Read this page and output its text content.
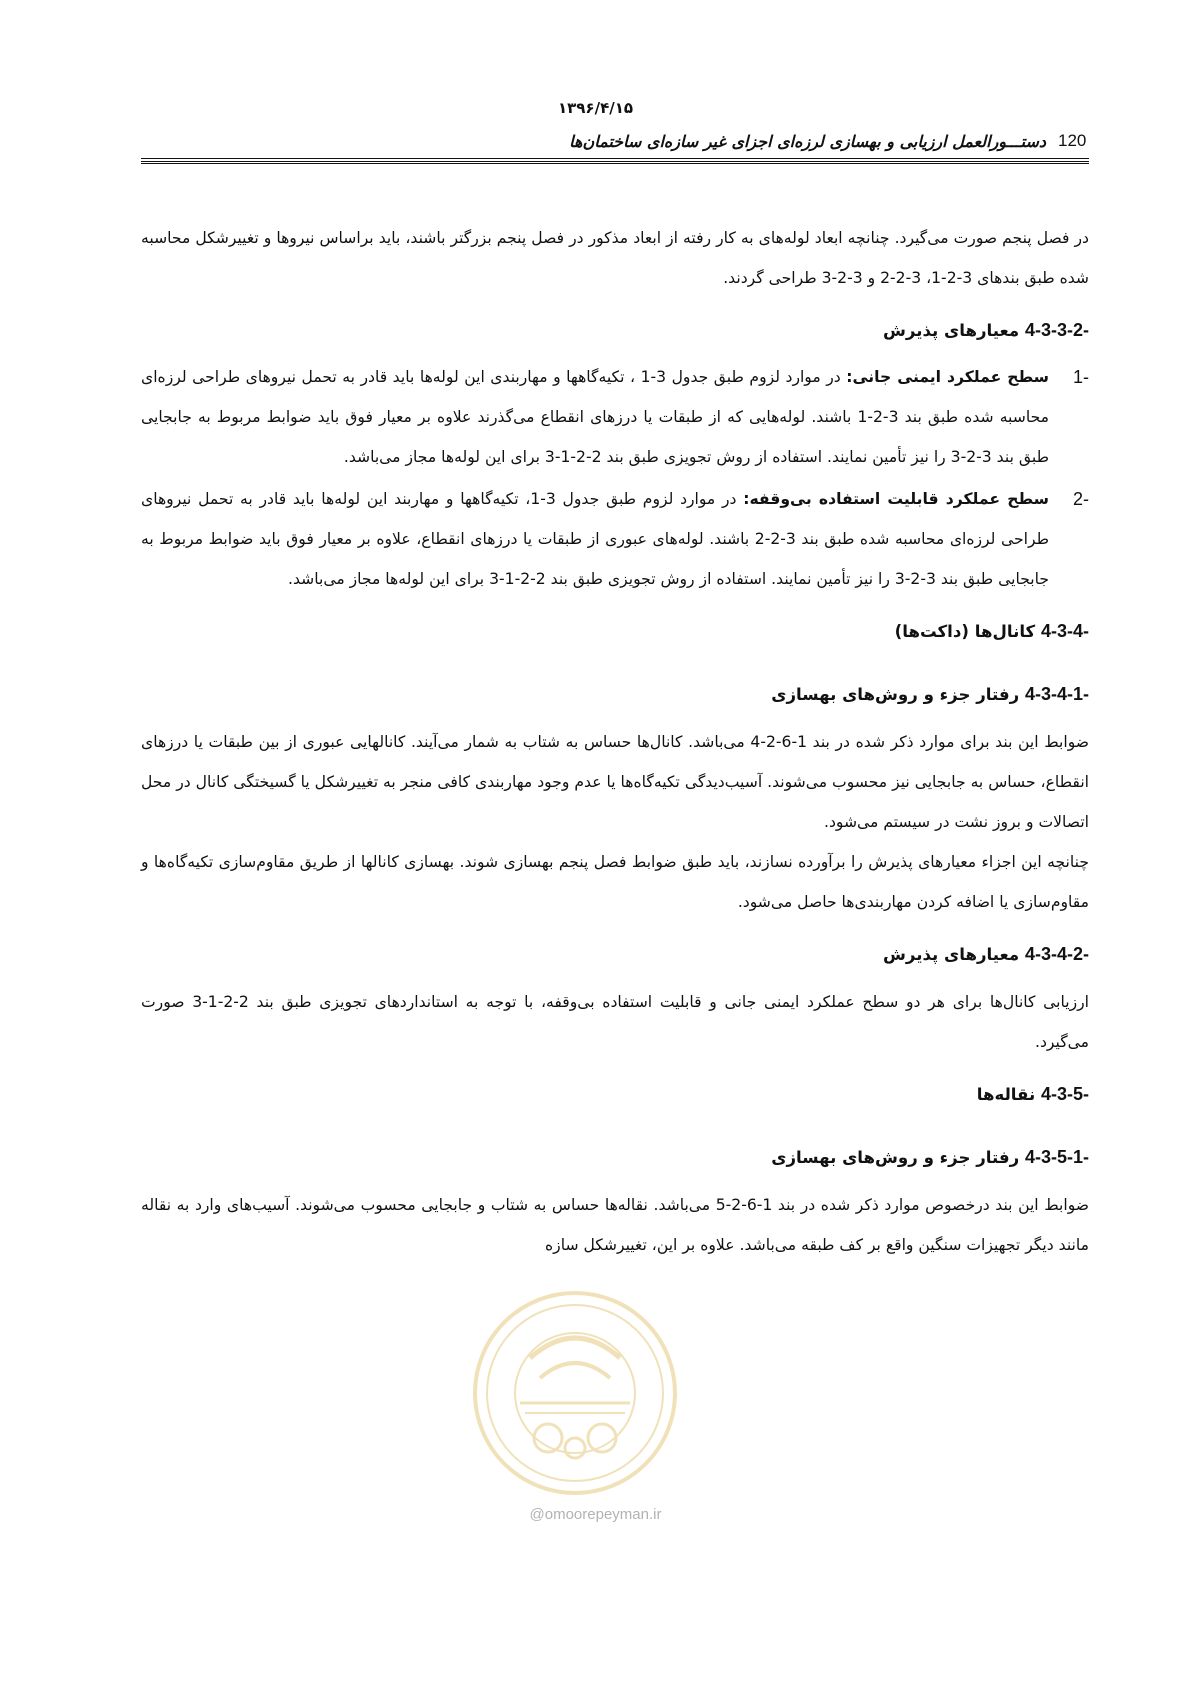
۱۳۹۶/۴/۱۵
دستـــورالعمل ارزیابی و بهسازی لرزه‌ای اجزای غیر سازه‌ای ساختمان‌ها 120

در فصل پنجم صورت می‌گیرد. چنانچه ابعاد لوله‌های به کار رفته از ابعاد مذکور در فصل پنجم بزرگتر باشند، باید براساس نیروها و تغییرشکل محاسبه شده طبق بندهای 3-2-1، 3-2-2 و 3-2-3 طراحی گردند.

4-3-3-2- معیارهای پذیرش

1-
سطح عملکرد ایمنی جانی: در موارد لزوم طبق جدول 3-1 ، تکیه‌گاهها و مهاربندی این لوله‌ها باید قادر به تحمل نیروهای طراحی لرزه‌ای محاسبه شده طبق بند 3-2-1 باشند. لوله‌هایی که از طبقات یا درزهای انقطاع می‌گذرند علاوه بر معیار فوق باید ضوابط مربوط به جابجایی طبق بند 3-2-3 را نیز تأمین نمایند. استفاده از روش تجویزی طبق بند 2-2-1-3 برای این لوله‌ها مجاز می‌باشد.
2-
سطح عملکرد قابلیت استفاده بی‌وقفه: در موارد لزوم طبق جدول 3-1، تکیه‌گاهها و مهاربند این لوله‌ها باید قادر به تحمل نیروهای طراحی لرزه‌ای محاسبه شده طبق بند 3-2-2 باشند. لوله‌های عبوری از طبقات یا درزهای انقطاع، علاوه بر معیار فوق باید ضوابط مربوط به جابجایی طبق بند 3-2-3 را نیز تأمین نمایند. استفاده از روش تجویزی طبق بند 2-2-1-3 برای این لوله‌ها مجاز می‌باشد.

4-3-4- کانال‌ها (داکت‌ها)

4-3-4-1- رفتار جزء و روش‌های بهسازی

ضوابط این بند برای موارد ذکر شده در بند 1-6-2-4 می‌باشد. کانال‌ها حساس به شتاب به شمار می‌آیند. کانالهایی عبوری از بین طبقات یا درزهای انقطاع، حساس به جابجایی نیز محسوب می‌شوند. آسیب‌دیدگی تکیه‌گاه‌ها یا عدم وجود مهاربندی کافی منجر به تغییرشکل یا گسیختگی کانال در محل اتصالات و بروز نشت در سیستم می‌شود.

چنانچه این اجزاء معیارهای پذیرش را برآورده نسازند، باید طبق ضوابط فصل پنجم بهسازی شوند. بهسازی کانالها از طریق مقاوم‌سازی تکیه‌گاه‌ها و مقاوم‌سازی یا اضافه کردن مهاربندی‌ها حاصل می‌شود.

4-3-4-2- معیارهای پذیرش

ارزیابی کانال‌ها برای هر دو سطح عملکرد ایمنی جانی و قابلیت استفاده بی‌وقفه، با توجه به استانداردهای تجویزی طبق بند 2-2-1-3 صورت می‌گیرد.

4-3-5- نقاله‌ها

4-3-5-1- رفتار جزء و روش‌های بهسازی

ضوابط این بند درخصوص موارد ذکر شده در بند 1-6-2-5 می‌باشد. نقاله‌ها حساس به شتاب و جابجایی محسوب می‌شوند. آسیب‌های وارد به نقاله مانند دیگر تجهیزات سنگین واقع بر کف طبقه می‌باشد. علاوه بر این، تغییرشکل سازه

@omoorepeyman.ir
